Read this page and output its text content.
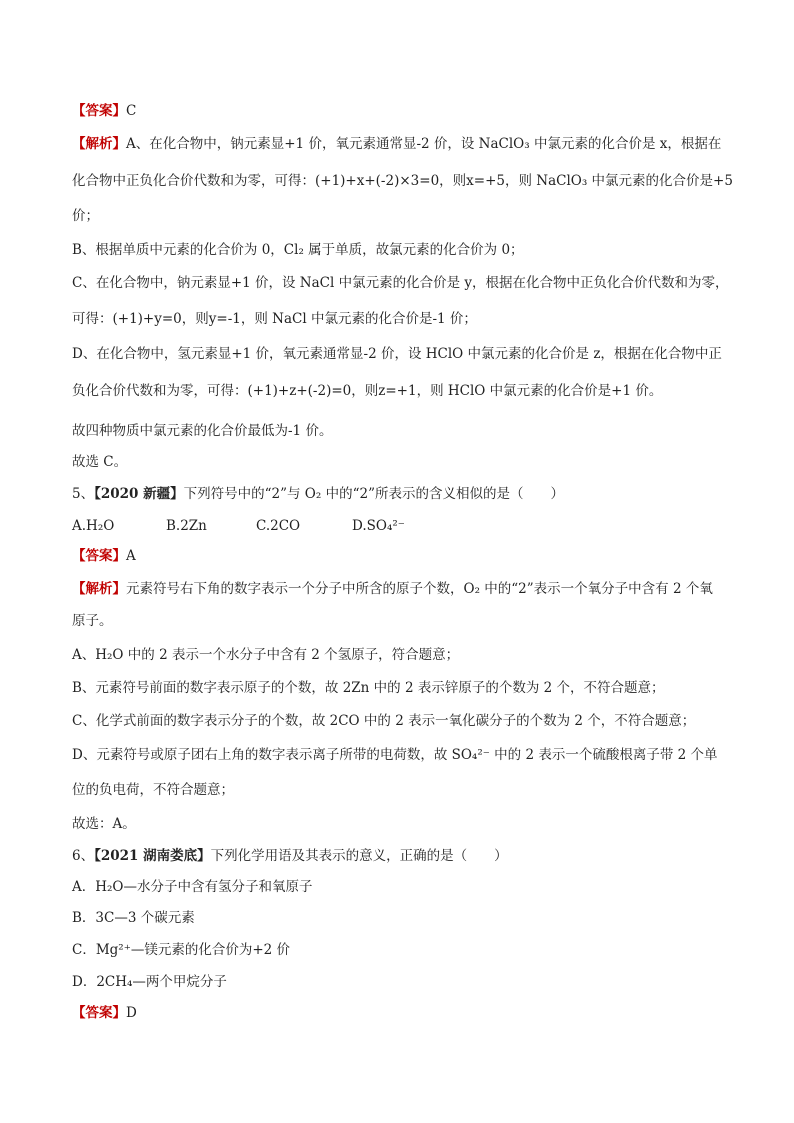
【答案】C
【解析】A、在化合物中，钠元素显+1 价，氧元素通常显-2 价，设 NaClO₃ 中氯元素的化合价是 x，根据在
化合物中正负化合价代数和为零，可得：(+1)+x+(-2)×3=0，则x=+5，则 NaClO₃ 中氯元素的化合价是+5
价；
B、根据单质中元素的化合价为 0，Cl₂ 属于单质，故氯元素的化合价为 0；
C、在化合物中，钠元素显+1 价，设 NaCl 中氯元素的化合价是 y，根据在化合物中正负化合价代数和为零，
可得：(+1)+y=0，则y=-1，则 NaCl 中氯元素的化合价是-1 价；
D、在化合物中，氢元素显+1 价，氧元素通常显-2 价，设 HClO 中氯元素的化合价是 z，根据在化合物中正
负化合价代数和为零，可得：(+1)+z+(-2)=0，则z=+1，则 HClO 中氯元素的化合价是+1 价。
故四种物质中氯元素的化合价最低为-1 价。
故选 C。
5、【2020 新疆】下列符号中的“2”与 O₂ 中的“2”所表示的含义相似的是（　　）
A.H₂O	B.2Zn	C.2CO	D.SO₄²⁻
【答案】A
【解析】元素符号右下角的数字表示一个分子中所含的原子个数，O₂ 中的“2”表示一个氧分子中含有 2 个氧
原子。
A、H₂O 中的 2 表示一个水分子中含有 2 个氢原子，符合题意；
B、元素符号前面的数字表示原子的个数，故 2Zn 中的 2 表示锌原子的个数为 2 个，不符合题意；
C、化学式前面的数字表示分子的个数，故 2CO 中的 2 表示一氧化碳分子的个数为 2 个，不符合题意；
D、元素符号或原子团右上角的数字表示离子所带的电荷数，故 SO₄²⁻ 中的 2 表示一个硫酸根离子带 2 个单
位的负电荷，不符合题意；
故选：A。
6、【2021 湖南娄底】下列化学用语及其表示的意义，正确的是（　　）
A．H₂O—水分子中含有氢分子和氧原子
B．3C—3 个碳元素
C．Mg²⁺—镁元素的化合价为+2 价
D．2CH₄—两个甲烷分子
【答案】D
